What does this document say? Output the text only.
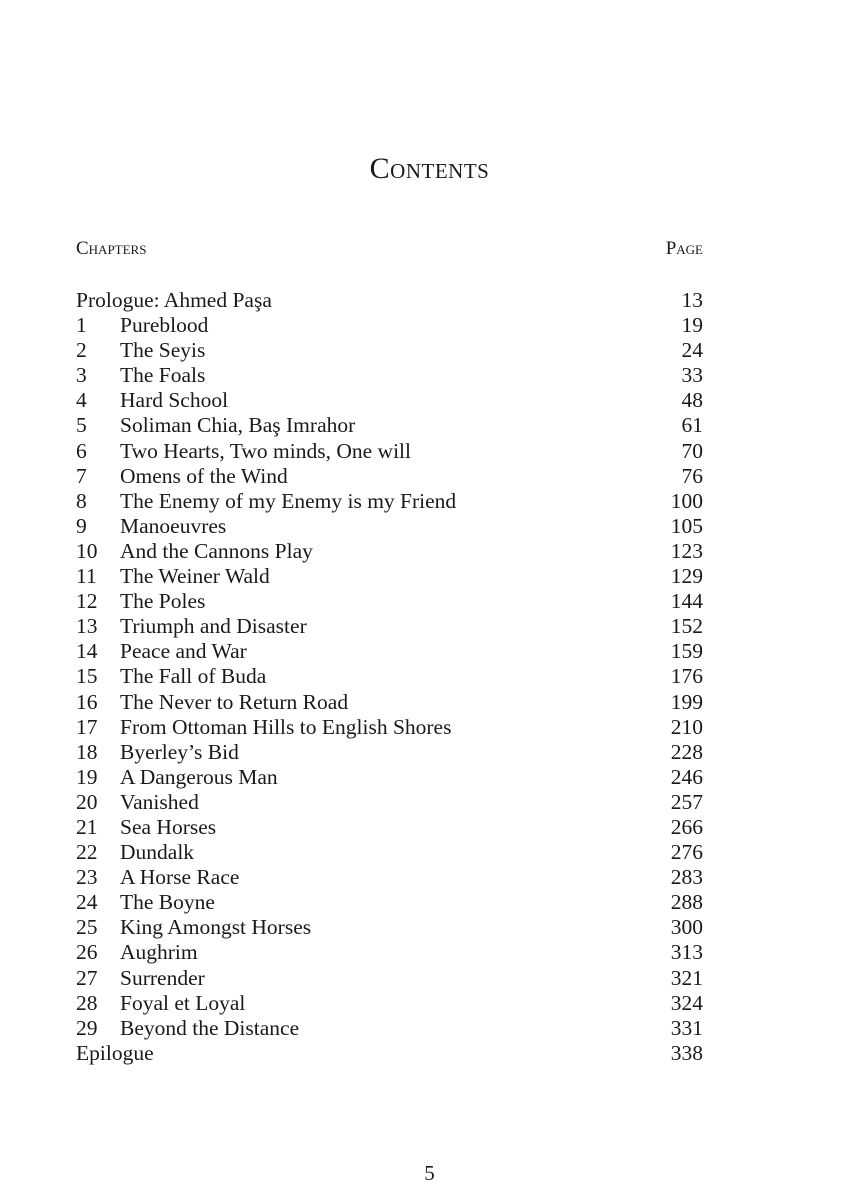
Contents
Chapters	Page
Prologue: Ahmed Paşa	13
1	Pureblood	19
2	The Seyis	24
3	The Foals	33
4	Hard School	48
5	Soliman Chia, Baş Imrahor	61
6	Two Hearts, Two minds, One will	70
7	Omens of the Wind	76
8	The Enemy of my Enemy is my Friend	100
9	Manoeuvres	105
10	And the Cannons Play	123
11	The Weiner Wald	129
12	The Poles	144
13	Triumph and Disaster	152
14	Peace and War	159
15	The Fall of Buda	176
16	The Never to Return Road	199
17	From Ottoman Hills to English Shores	210
18	Byerley’s Bid	228
19	A Dangerous Man	246
20	Vanished	257
21	Sea Horses	266
22	Dundalk	276
23	A Horse Race	283
24	The Boyne	288
25	King Amongst Horses	300
26	Aughrim	313
27	Surrender	321
28	Foyal et Loyal	324
29	Beyond the Distance	331
Epilogue	338
5
